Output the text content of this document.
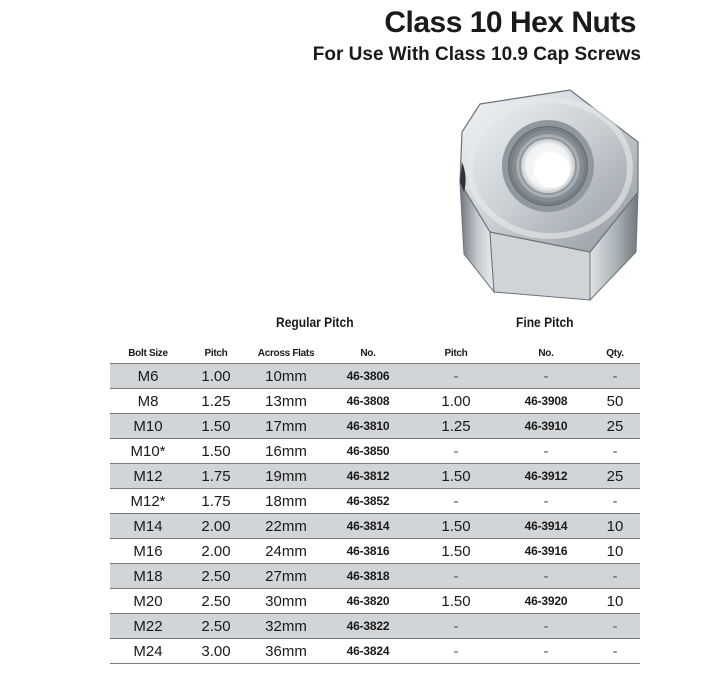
Class 10 Hex Nuts
For Use With Class 10.9 Cap Screws
Regular Pitch	Fine Pitch
Bolt Size	Pitch	Across Flats	No.	Pitch	No.	Qty.
M6	1.00	10mm	46-3806	-	-	-
M8	1.25	13mm	46-3808	1.00	46-3908	50
M10	1.50	17mm	46-3810	1.25	46-3910	25
M10*	1.50	16mm	46-3850	-	-	-
M12	1.75	19mm	46-3812	1.50	46-3912	25
M12*	1.75	18mm	46-3852	-	-	-
M14	2.00	22mm	46-3814	1.50	46-3914	10
M16	2.00	24mm	46-3816	1.50	46-3916	10
M18	2.50	27mm	46-3818	-	-	-
M20	2.50	30mm	46-3820	1.50	46-3920	10
M22	2.50	32mm	46-3822	-	-	-
M24	3.00	36mm	46-3824	-	-	-
